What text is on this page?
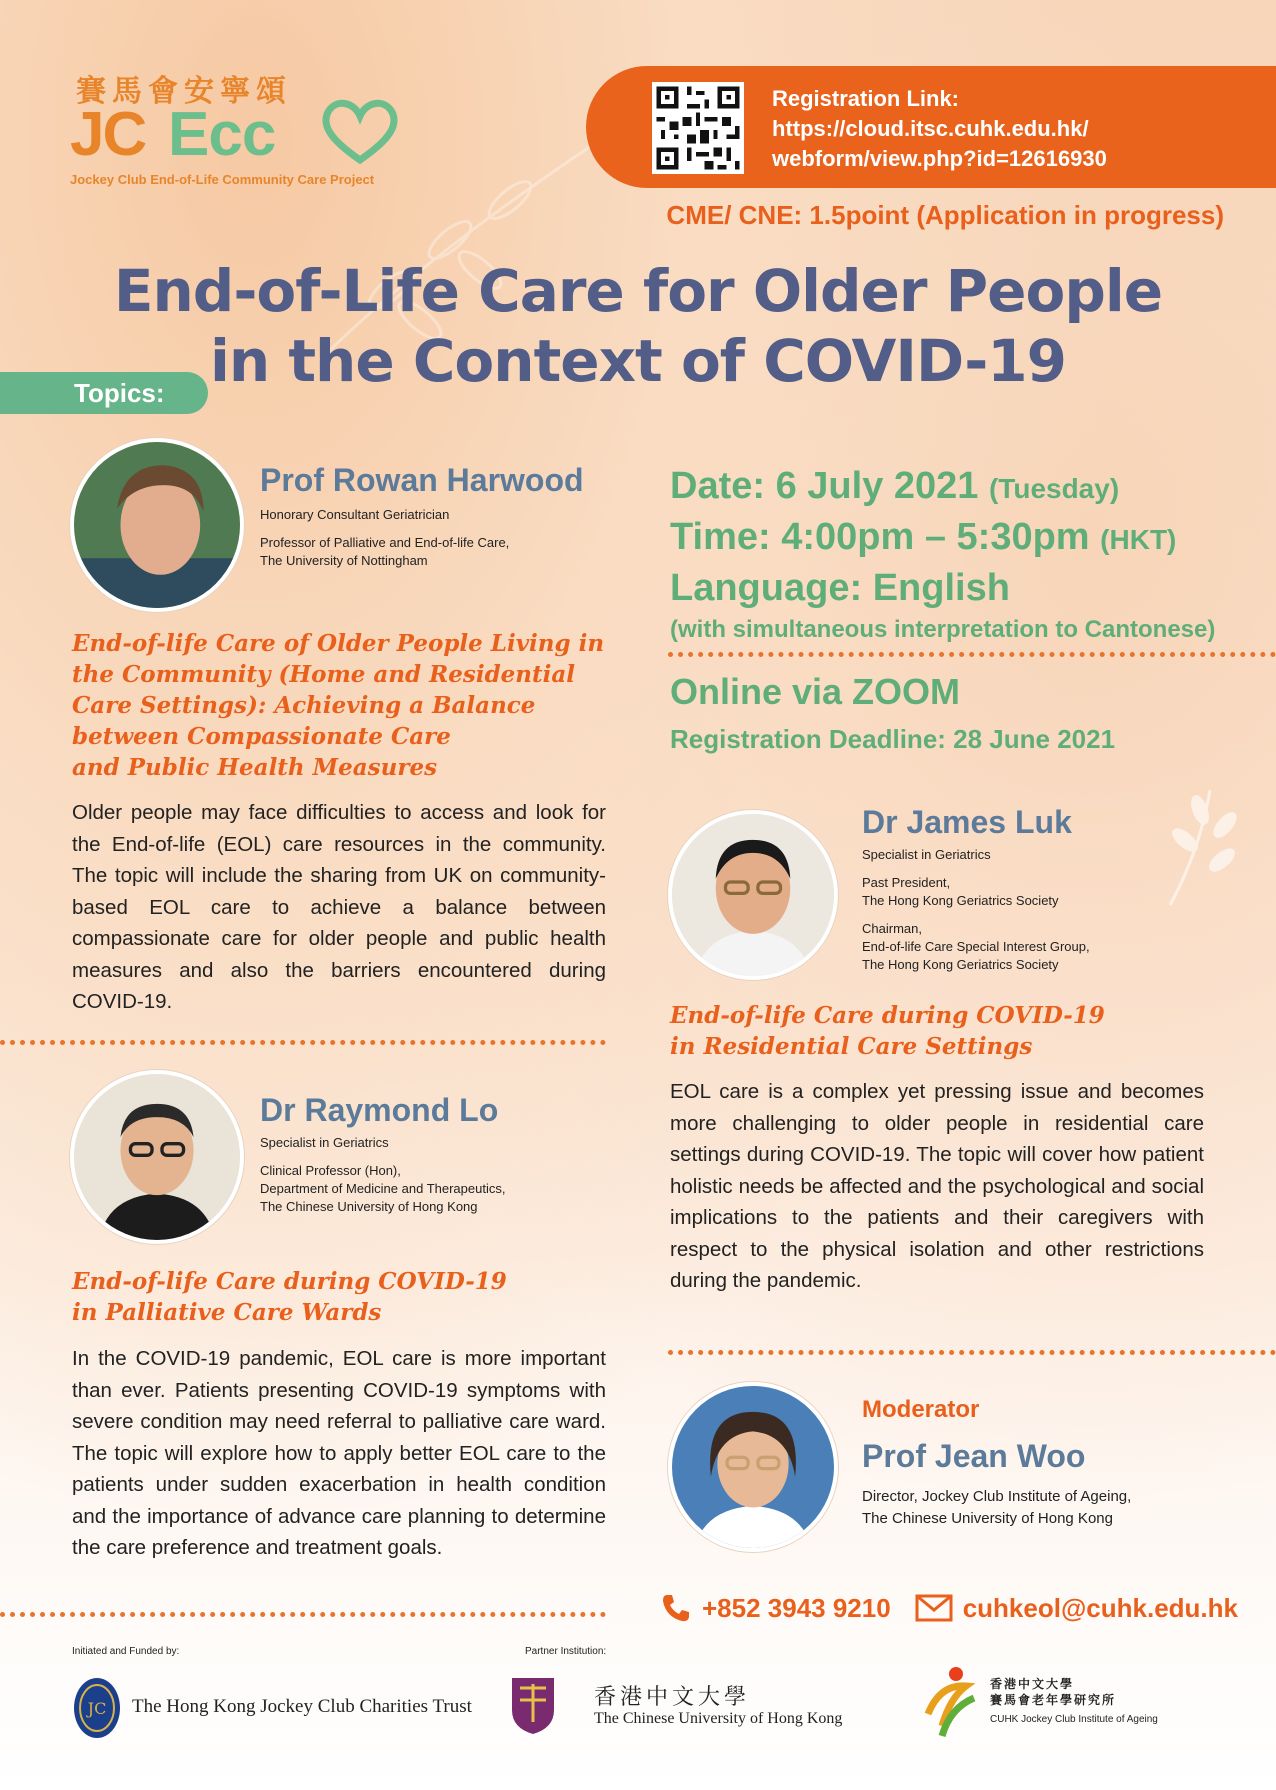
賽馬會安寧頌
JC Ecc
Jockey Club End-of-Life Community Care Project
Registration Link:
https://cloud.itsc.cuhk.edu.hk/
webform/view.php?id=12616930
CME/ CNE: 1.5point (Application in progress)
End-of-Life Care for Older People
in the Context of COVID-19
Topics:
Prof Rowan Harwood
Honorary Consultant Geriatrician
Professor of Palliative and End-of-life Care,
The University of Nottingham
End-of-life Care of Older People Living in
the Community (Home and Residential
Care Settings): Achieving a Balance
between Compassionate Care
and Public Health Measures
Older people may face difficulties to access and look for the End-of-life (EOL) care resources in the community. The topic will include the sharing from UK on community-based EOL care to achieve a balance between compassionate care for older people and public health measures and also the barriers encountered during COVID-19.
Dr Raymond Lo
Specialist in Geriatrics
Clinical Professor (Hon),
Department of Medicine and Therapeutics,
The Chinese University of Hong Kong
End-of-life Care during COVID-19
in Palliative Care Wards
In the COVID-19 pandemic, EOL care is more important than ever. Patients presenting COVID-19 symptoms with severe condition may need referral to palliative care ward. The topic will explore how to apply better EOL care to the patients under sudden exacerbation in health condition and the importance of advance care planning to determine the care preference and treatment goals.
Date: 6 July 2021 (Tuesday)
Time: 4:00pm – 5:30pm (HKT)
Language: English
(with simultaneous interpretation to Cantonese)
Online via ZOOM
Registration Deadline: 28 June 2021
Dr James Luk
Specialist in Geriatrics
Past President,
The Hong Kong Geriatrics Society
Chairman,
End-of-life Care Special Interest Group,
The Hong Kong Geriatrics Society
End-of-life Care during COVID-19
in Residential Care Settings
EOL care is a complex yet pressing issue and becomes more challenging to older people in residential care settings during COVID-19. The topic will cover how patient holistic needs be affected and the psychological and social implications to the patients and their caregivers with respect to the physical isolation and other restrictions during the pandemic.
Moderator
Prof Jean Woo
Director, Jockey Club Institute of Ageing,
The Chinese University of Hong Kong
+852 3943 9210	cuhkeol@cuhk.edu.hk
Initiated and Funded by:
JC The Hong Kong Jockey Club Charities Trust
Partner Institution:
香港中文大學
The Chinese University of Hong Kong
香港中文大學
賽馬會老年學研究所
CUHK Jockey Club Institute of Ageing
